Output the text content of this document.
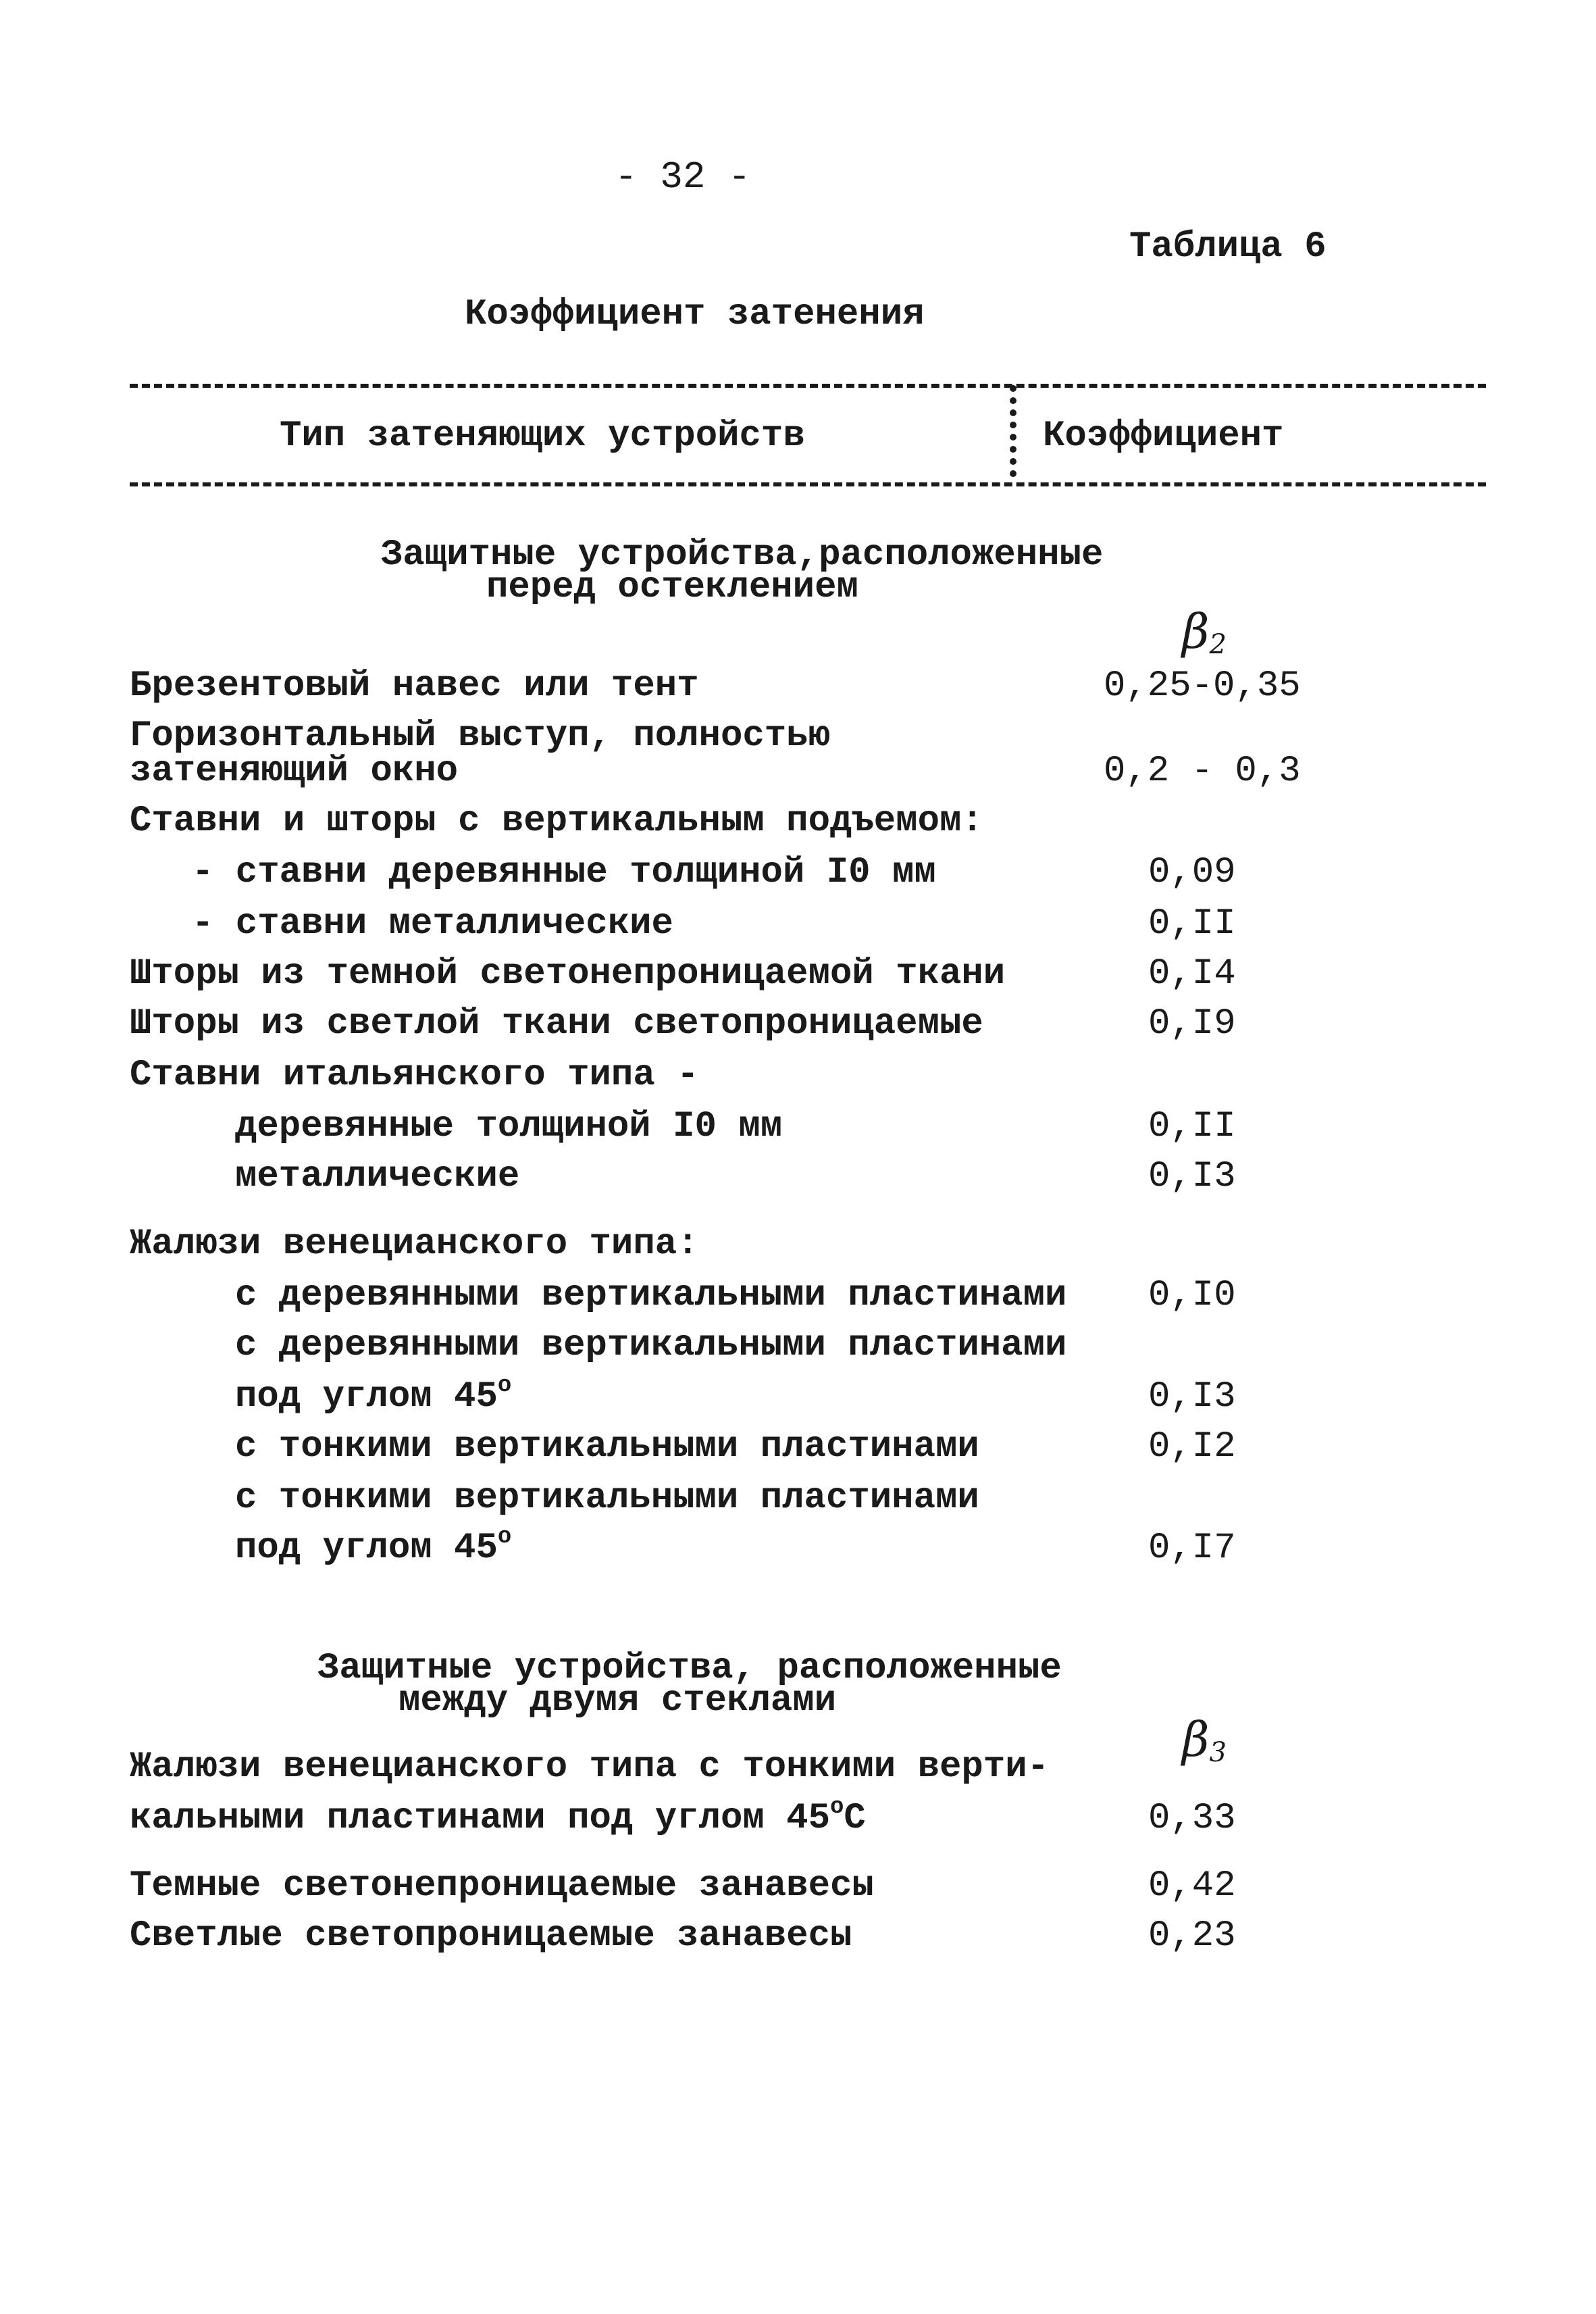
- 32 -
Таблица 6
Коэффициент затенения
Тип затеняющих устройств	Коэффициент
Защитные устройства,расположенные
перед остеклением
$\beta_2$
Брезентовый навес или тент	0,25-0,35
Горизонтальный выступ, полностью
затеняющий окно	0,2 - 0,3
Ставни и шторы с вертикальным подъемом:
- ставни деревянные толщиной I0 мм	0,09
- ставни металлические	0,II
Шторы из темной светонепроницаемой ткани	0,I4
Шторы из светлой ткани светопроницаемые	0,I9
Ставни итальянского типа -
деревянные толщиной I0 мм	0,II
металлические	0,I3
Жалюзи венецианского типа:
с деревянными вертикальными пластинами 0,I0
с деревянными вертикальными пластинами
под углом $45^о$	0,I3
с тонкими вертикальными пластинами	0,I2
с тонкими вертикальными пластинами
под углом $45^о$	0,I7
Защитные устройства, расположенные
между двумя стеклами
$\beta_3$
Жалюзи венецианского типа с тонкими верти-
кальными пластинами под углом $45^оС$	0,33
Темные светонепроницаемые занавесы	0,42
Светлые светопроницаемые занавесы	0,23
